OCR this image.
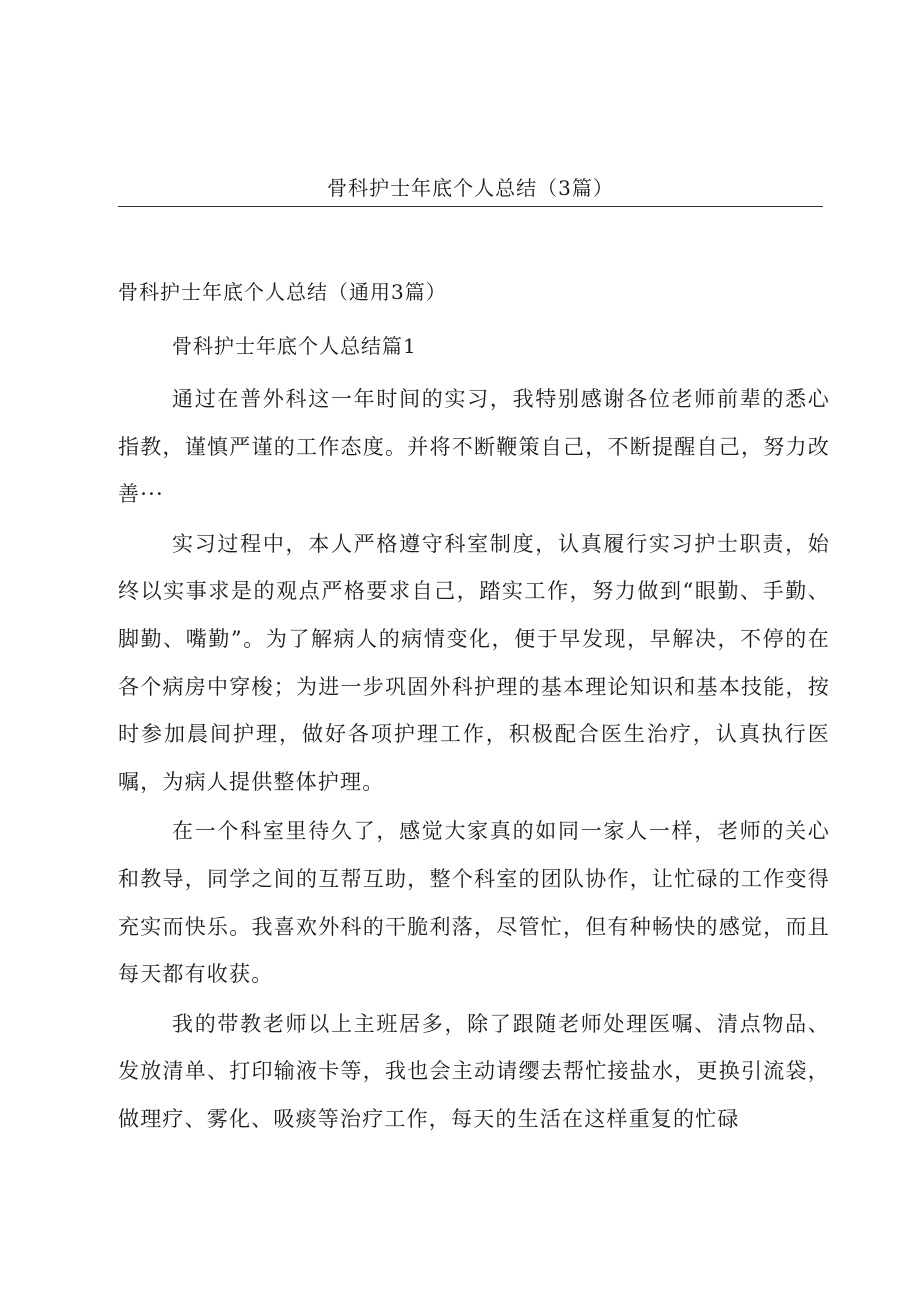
骨科护士年底个人总结（3篇）
骨科护士年底个人总结（通用3篇）
骨科护士年底个人总结篇1

通过在普外科这一年时间的实习，我特别感谢各位老师前辈的悉心指教，谨慎严谨的工作态度。并将不断鞭策自己，不断提醒自己，努力改善···

实习过程中，本人严格遵守科室制度，认真履行实习护士职责，始终以实事求是的观点严格要求自己，踏实工作，努力做到“眼勤、手勤、脚勤、嘴勤”。为了解病人的病情变化，便于早发现，早解决，不停的在各个病房中穿梭；为进一步巩固外科护理的基本理论知识和基本技能，按时参加晨间护理，做好各项护理工作，积极配合医生治疗，认真执行医嘱，为病人提供整体护理。

在一个科室里待久了，感觉大家真的如同一家人一样，老师的关心和教导，同学之间的互帮互助，整个科室的团队协作，让忙碌的工作变得充实而快乐。我喜欢外科的干脆利落，尽管忙，但有种畅快的感觉，而且每天都有收获。

我的带教老师以上主班居多，除了跟随老师处理医嘱、清点物品、发放清单、打印输液卡等，我也会主动请缨去帮忙接盐水，更换引流袋，做理疗、雾化、吸痰等治疗工作，每天的生活在这样重复的忙碌
